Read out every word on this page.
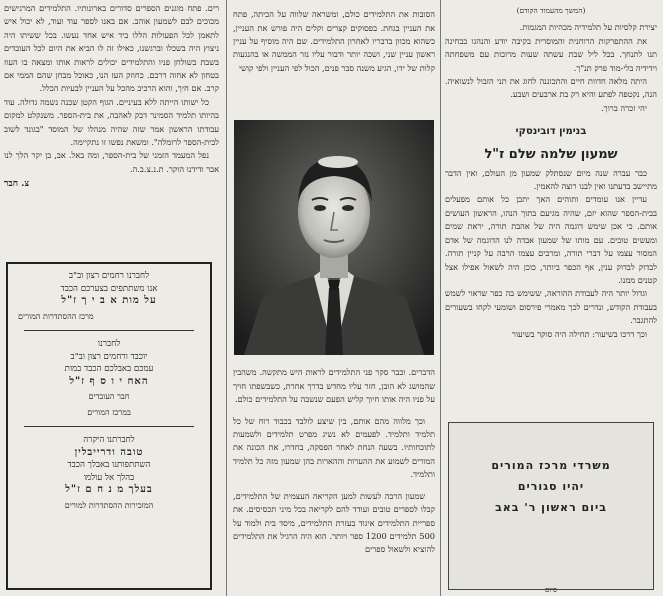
(המשך מהעמוד הקודם)

יצירת קלסיות על תלמידיה מכהיות המגמות.

את ההתפרקות הרוחנית והמוסרית בקיבה יודע והנהגו בבחינה תנו לתנחך. בכל ליל שבת עשתה שעות מרובות עם משפחתה וידידיה בלי-מוד פרק תנ"ך.

היתה מלאה חדוות חיים והתכוננה לחוג את תני הזבול לנשואיה. הנה, נקטפה לפתע והיא רק בת ארבעים ושבע.

יהי זכרה ברוך.

בנימין דובינסקי
שמעון שלמה שלם ז"ל

כבר עברה שנה מיום שנסתלק שמעון מן העולם, ואין הדבר מתיישב בדעתנו ואין לבנו רוצה להאמין.

עדיין אנו עומדים ותוהים האך יתכן כל אותם מפעלים בבית-הספר שהוא יזם, שהיה מגיעם בתוך הנהו, הראשון העושים אותם. כי אכן שימש דוגמה היה של אהבת תורה, יראת שמים ומעשים טובים. עם מותו של שמעון אבדה לנו הדוגמה של אדם המסור עצמו על דברי תורה, ומרבים עצמו הרבה על קניין תורה. לבדוק לבדוק ענין, אף הכפר ביותר, כוכן היה לשאול אפילו אצל קטנים ממנו.

וגדול יותר היה לעבודת ההוראה, ששימש בה כפר שראוי לשמש בעבודת הקודש, ונדרים לכך מאמרי פירסום ושומעי לקחו בשעורים להתגבר.

וכך דרכו בשיעור: תחילה היה סוקר בשיעור

משרדי מרכז המורים
יהיו סגורים
ביום ראשון ר' באב
סיום

הסובות את התלמידים כולם, ומשראה שלווה על הכיתה, פתח את העניין בגחת. בפסוקים קצרים וקלים היה פורש את העניין, כשהוא מכוון בדבריו לאחרון התלמידים. שם היה מוסיף על עניין ראשון עניין שני, ושכה יותר ודבור עליו נזר הממשה או בהנגעות קלות של ידו, הגיע משנה סבר פנים, הכול לפי העניין ולפי קושי

הדברים. וכבר סקר פני התלמידים לראות היש מתקשה. משהבין שהמושג לא הובן, חזר עליו מחדש בדרך אחרת, כשבשפתו חויך על פניו היה אותו חיוך קליש הפעם שנשבה על התלמידים כולם.

וכך מלווה מהם אותם, בין שיצע לולבד בכבוד רוח של כל תלמיד ותלמיד. לפעמים לא נשיג מפרט תלמידים ולשמעות לתוכחותיו. בשעה הנחת לאחר הפסקה, בחדרו, את הכונה את המורים לשמוע את ההערות וההארות בהן שמעון מזה כל תלמיד ותלמיד.

שמעון הרבה לעשות למען הקריאה העצמית של התלמידים, קבלו לספרים טובים ועודד להם לקריאה בכל מיני תכסיסים. את ספריית התלמידים איגוד בעזרת התלמידים, מיסד בית ולמוד על 500 תלמידים 1200 ספר ויותר. הוא היה הרגיל את התלמידים להוציא ולשאול ספרים

רים. פתח מוגנים הספרים סדורים בארונותיו. התלמידים המרגישים מכוכים לבם לשמעון אוהב. אם באנו לספר עוד ועוד, לא יכול איש לתאמן לכל הפעולות הללו ביד איש אחד נעשו. בכל ששיתו היה ניצוץ היה בשכלו וברגשנו, כאילו זה לו הביא את היום לכל העובדים בשבת בשולחן פניו והתלמידים יכולים לראות אותו ומצאה בו העוז בטחון לא אחוה דרכם. כחוזק העז הנו, כאוכל מבחן שהם הממי אם קרב. אם חיך, והוא הרכיב מהכל על העניין לבעיות הכלל.

כל ישותו הייתה ללא בעיניים. הגוף הקטן שכנה נשמה גדולה. עוד בהיותו תלמיד הסמינר דבק לאהבה, את בית-הספר. משנקלט למקום עבודתו הראשון אמר שזה שהיה מנהלו של המוסד "בגונד לשוב לבית-הספר לרומלה". ומשאת נפשו זו נתקיימה.

נפל המעמד הזמני של בית-הספר, ומה באל. אב, בן יקר הלך לנו אבר ודידנו הוקר. ת.נ.צ.ב.ה.

צ. חבר
לחברנו רחמים רצון וב"ב
אנו משתתפים בצערכם הכבד
על מות א ב י ך ז"ל
מרכז ההסתדרות המורים
לחברנו
יוכבד ורחמים רצון וב"ב
עמכם באבלכם הכבד במות
האח י ו ס ף ז"ל
חבר העובדים
במרכז המורים
לחברתנו היקרה
טובה ודרייבלין
השתתפותנו באבלך הכבד
בהלך אל עולמו
בעלך מ נ ח ם ז"ל
המזכירות ההסתדרות למורים
